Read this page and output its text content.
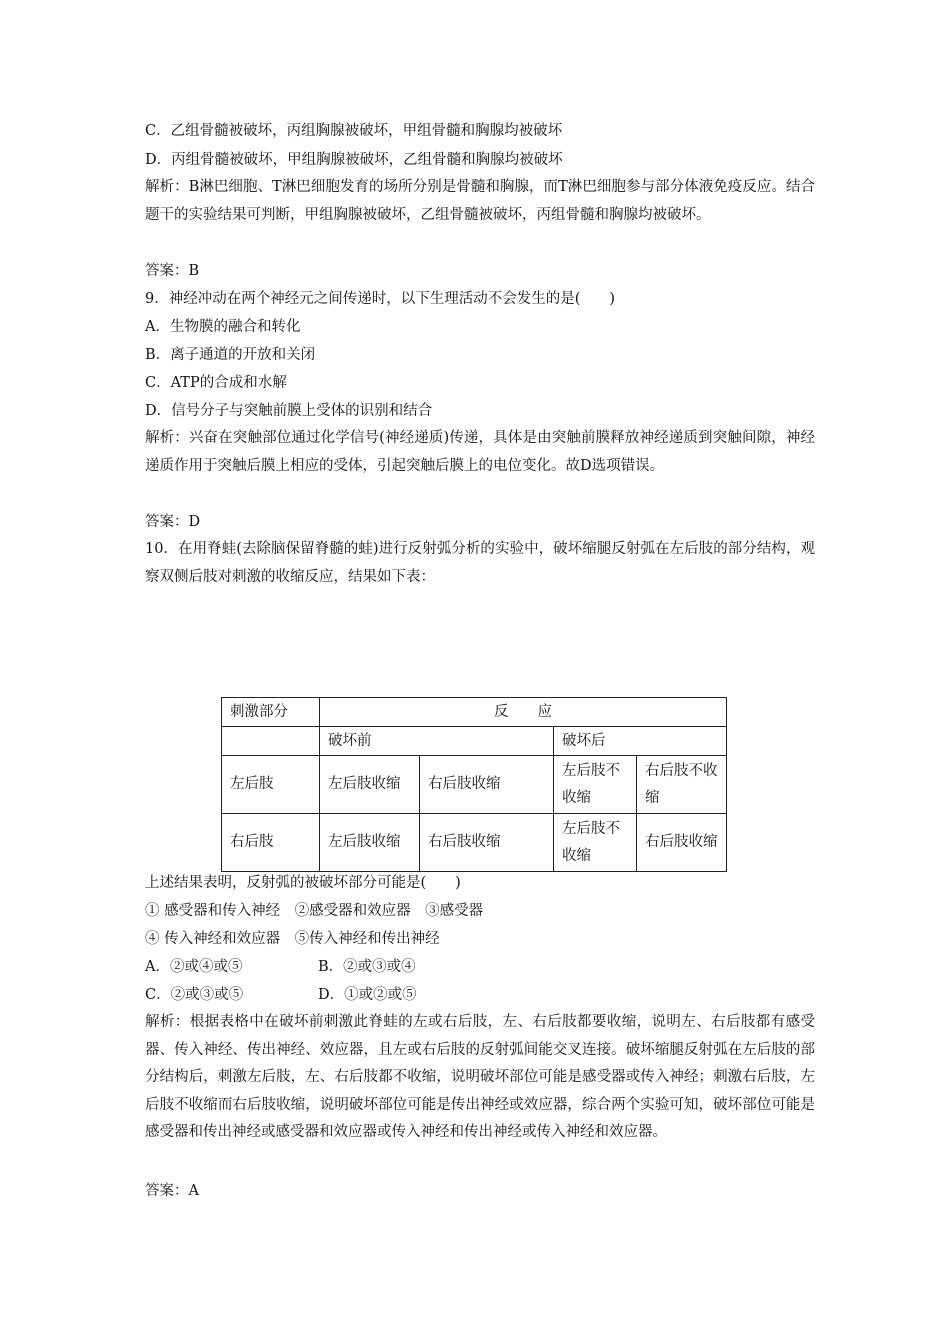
C．乙组骨髓被破坏，丙组胸腺被破坏，甲组骨髓和胸腺均被破坏
D．丙组骨髓被破坏，甲组胸腺被破坏，乙组骨髓和胸腺均被破坏
解析：B淋巴细胞、T淋巴细胞发育的场所分别是骨髓和胸腺，而T淋巴细胞参与部分体液免疫反应。结合题干的实验结果可判断，甲组胸腺被破坏，乙组骨髓被破坏，丙组骨髓和胸腺均被破坏。
答案：B
9．神经冲动在两个神经元之间传递时，以下生理活动不会发生的是(　　)
A．生物膜的融合和转化
B．离子通道的开放和关闭
C．ATP的合成和水解
D．信号分子与突触前膜上受体的识别和结合
解析：兴奋在突触部位通过化学信号(神经递质)传递，具体是由突触前膜释放神经递质到突触间隙，神经递质作用于突触后膜上相应的受体，引起突触后膜上的电位变化。故D选项错误。
答案：D
10．在用脊蛙(去除脑保留脊髓的蛙)进行反射弧分析的实验中，破坏缩腿反射弧在左后肢的部分结构，观察双侧后肢对刺激的收缩反应，结果如下表：
刺激部分	反　　应			
	破坏前		破坏后	
左后肢	左后肢收缩	右后肢收缩	左后肢不收缩	右后肢不收缩
右后肢	左后肢收缩	右后肢收缩	左后肢不收缩	右后肢收缩
上述结果表明，反射弧的被破坏部分可能是(　　)
① 感受器和传入神经　②感受器和效应器　③感受器
④ 传入神经和效应器　⑤传入神经和传出神经
A．②或④或⑤	B．②或③或④
C．②或③或⑤	D．①或②或⑤
解析：根据表格中在破坏前刺激此脊蛙的左或右后肢，左、右后肢都要收缩，说明左、右后肢都有感受器、传入神经、传出神经、效应器，且左或右后肢的反射弧间能交叉连接。破坏缩腿反射弧在左后肢的部分结构后，刺激左后肢，左、右后肢都不收缩，说明破坏部位可能是感受器或传入神经；刺激右后肢，左后肢不收缩而右后肢收缩，说明破坏部位可能是传出神经或效应器，综合两个实验可知，破坏部位可能是感受器和传出神经或感受器和效应器或传入神经和传出神经或传入神经和效应器。
答案：A
